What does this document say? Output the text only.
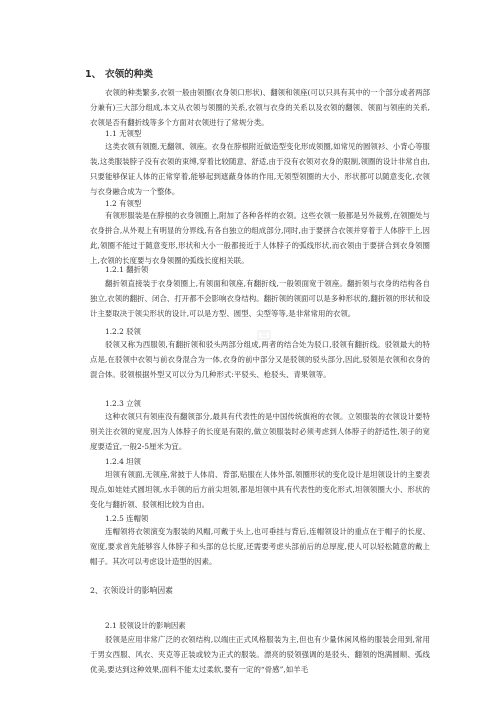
1、 衣领的种类
衣领的种类繁多,衣领一般由领圈(衣身领口形状)、翻领和领座(可以只具有其中的一个部分或者两部分兼有)三大部分组成,本文从衣领与领圈的关系,衣领与衣身的关系以及衣领的翻领、领面与领座的关系,衣领是否有翻折线等多个方面对衣领进行了常规分类。
1.1 无领型
这类衣领有领圈,无翻领、领座。衣身在脖根附近做造型变化形成领圈,如常见的圆领衫、小背心等服装,这类服装脖子没有衣领的束缚,穿着比较随意、舒适,由于没有衣领对衣身的限制,领圈的设计非常自由,只要能够保证人体的正常穿着,能够起到遮蔽身体的作用,无领型领圈的大小、形状都可以随意变化,衣领与衣身融合成为一个整体。
1.2 有领型
有领形服装是在脖根的衣身领圈上,附加了各种各样的衣领。这些衣领一般都是另外裁剪,在领圈处与衣身拼合,从外观上有明显的分界线,有各自独立的组成部分,同时,由于要拼合衣领并穿着于人体脖干上,因此,领圈不能过于随意变形,形状和大小一般都接近于人体脖子的弧线形状,而衣领由于要拼合到衣身领圈上,衣领的长度要与衣身领圈的弧线长度相关联。
1.2.1 翻折领
翻折领直接装于衣身领圈上,有领面和领座,有翻折线,一般领面宽于领座。翻折领与衣身的结构各自独立,衣领的翻折、闭合、打开都不会影响衣身结构。翻折领的领面可以是多种形状的,翻折领的形状和设计主要取决于领尖形状的设计,可以是方型、圆型、尖型等等,是非常常用的衣领。
1.2.2 驳领
驳领又称为西服领,有翻折领和驳头两部分组成,两者的结合处为驳口,驳领有翻折线。驳领最大的特点是,在驳领中衣领与前衣身混合为一体,衣身的前中部分又是驳领的驳头部分,因此,驳领是衣领和衣身的混合体。驳领根据外型又可以分为几种形式:平驳头、枪驳头、青果领等。
1.2.3 立领
这种衣领只有领座没有翻领部分,最具有代表性的是中国传统旗袍的衣领。立领服装的衣领设计要特别关注衣领的宽度,因为人体脖子的长度是有限的,做立领服装时必须考虑到人体脖子的舒适性,领子的宽度要适宜,一般2-5厘米为宜。
1.2.4 坦领
坦领有领面,无领座,常披于人体肩、背部,贴服在人体外部,领圈形状的变化设计是坦领设计的主要表现点,如娃娃式圆坦领,水手领的后方前尖坦领,都是坦领中具有代表性的变化形式,坦领领圈大小、形状的变化与翻折领、驳领相比较为自由。
1.2.5 连帽领
连帽领将衣领演变为服装的风帽,可戴于头上,也可垂挂与背后,连帽领设计的重点在于帽子的长度、宽度,要求首先能够容人体脖子和头部的总长度,还需要考虑头部前后的总厚度,使人可以轻松随意的戴上帽子。其次可以考虑设计造型的因素。
2、衣领设计的影响因素
2.1 驳领设计的影响因素
驳领是应用非常广泛的衣领结构,以端庄正式风格服装为主,但也有少量休闲风格的服装会用到,常用于男女西服、风衣、夹克等正装或较为正式的服装。漂亮的驳领强调的是驳头、翻领的饱满圆顺、弧线优美,要达到这种效果,面料不能太过柔软,要有一定的“骨感”,如羊毛
